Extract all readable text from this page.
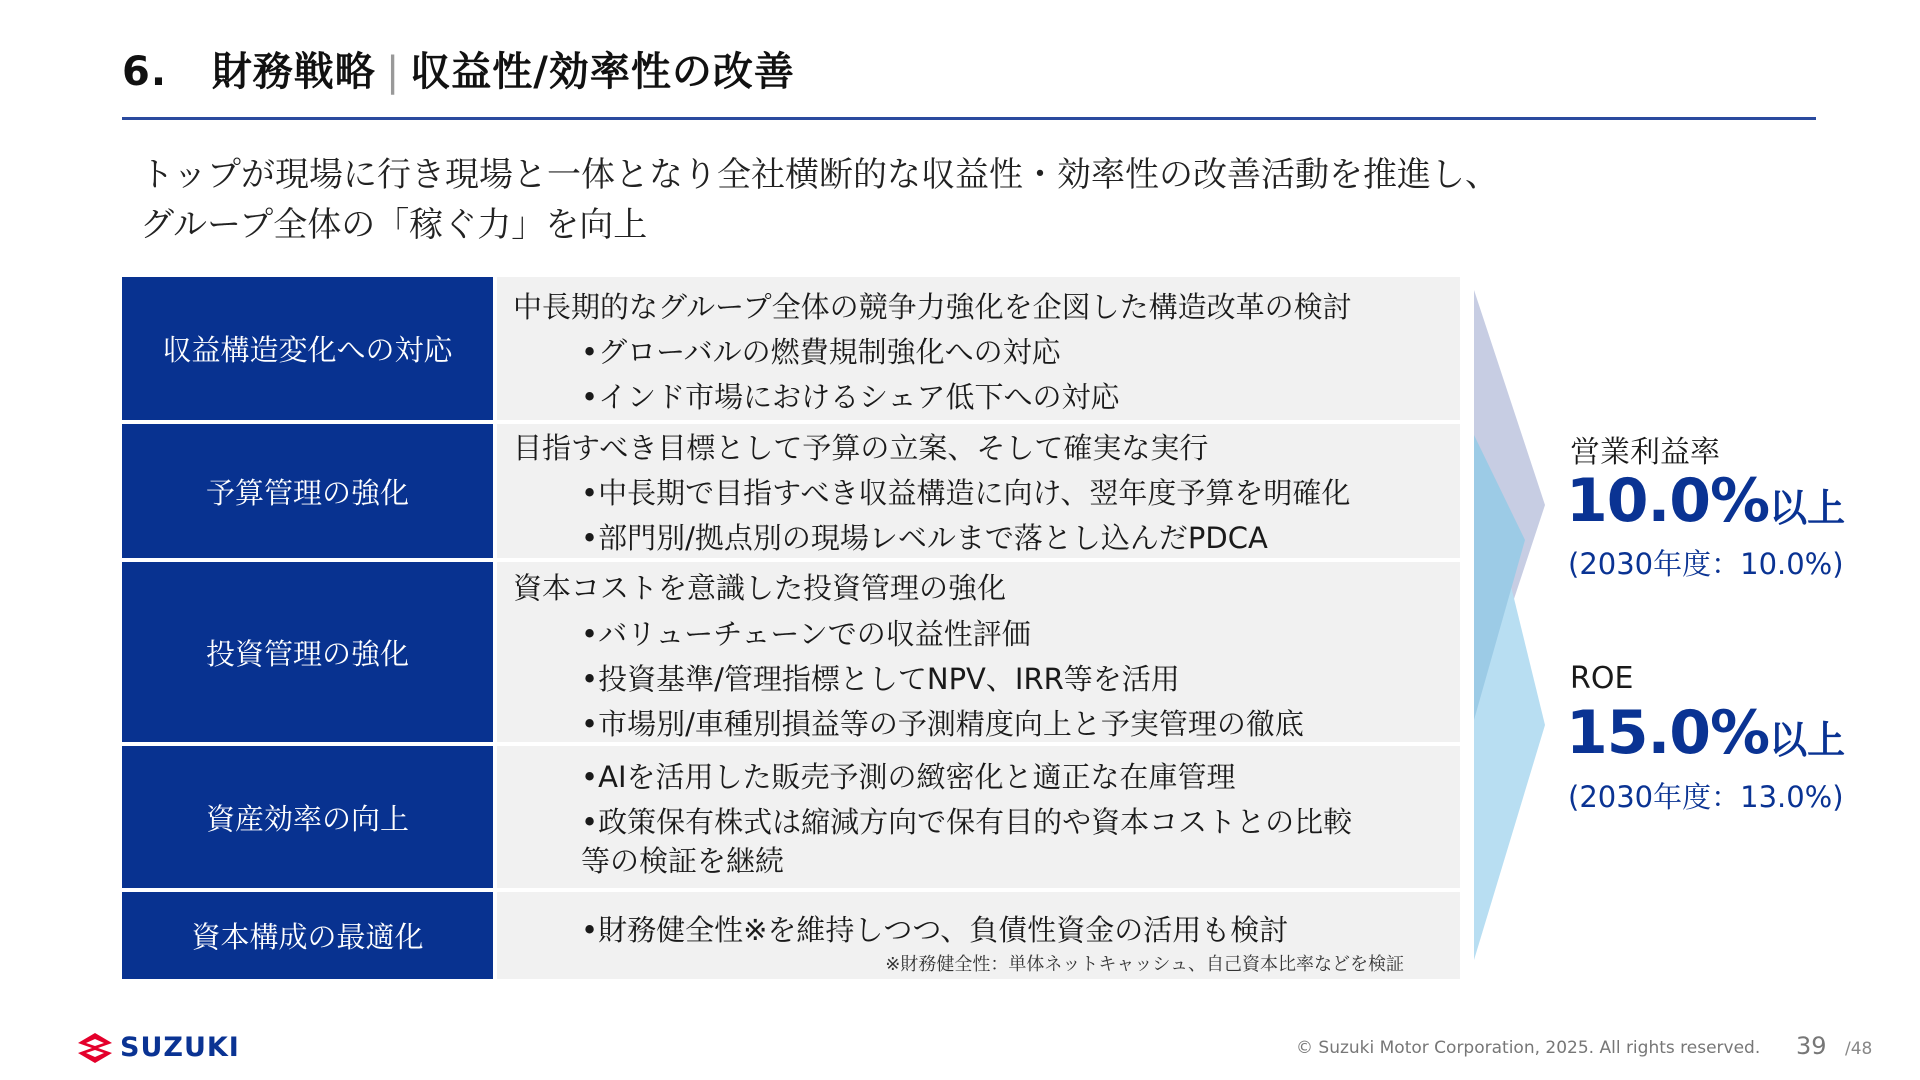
6. 財務戦略 | 収益性/効率性の改善
トップが現場に行き現場と一体となり全社横断的な収益性・効率性の改善活動を推進し、
グループ全体の「稼ぐ力」を向上
収益構造変化への対応
中長期的なグループ全体の競争力強化を企図した構造改革の検討
•グローバルの燃費規制強化への対応
•インド市場におけるシェア低下への対応
予算管理の強化
目指すべき目標として予算の立案、そして確実な実行
•中長期で目指すべき収益構造に向け、翌年度予算を明確化
•部門別/拠点別の現場レベルまで落とし込んだPDCA
投資管理の強化
資本コストを意識した投資管理の強化
•バリューチェーンでの収益性評価
•投資基準/管理指標としてNPV、IRR等を活用
•市場別/車種別損益等の予測精度向上と予実管理の徹底
資産効率の向上
•AIを活用した販売予測の緻密化と適正な在庫管理
•政策保有株式は縮減方向で保有目的や資本コストとの比較
等の検証を継続
資本構成の最適化	•財務健全性※を維持しつつ、負債性資金の活用も検討
※財務健全性：単体ネットキャッシュ、自己資本比率などを検証
営業利益率
10.0%以上
(2030年度：10.0%)
ROE
15.0%以上
(2030年度：13.0%)
SUZUKI	© Suzuki Motor Corporation, 2025. All rights reserved. 39 /48
